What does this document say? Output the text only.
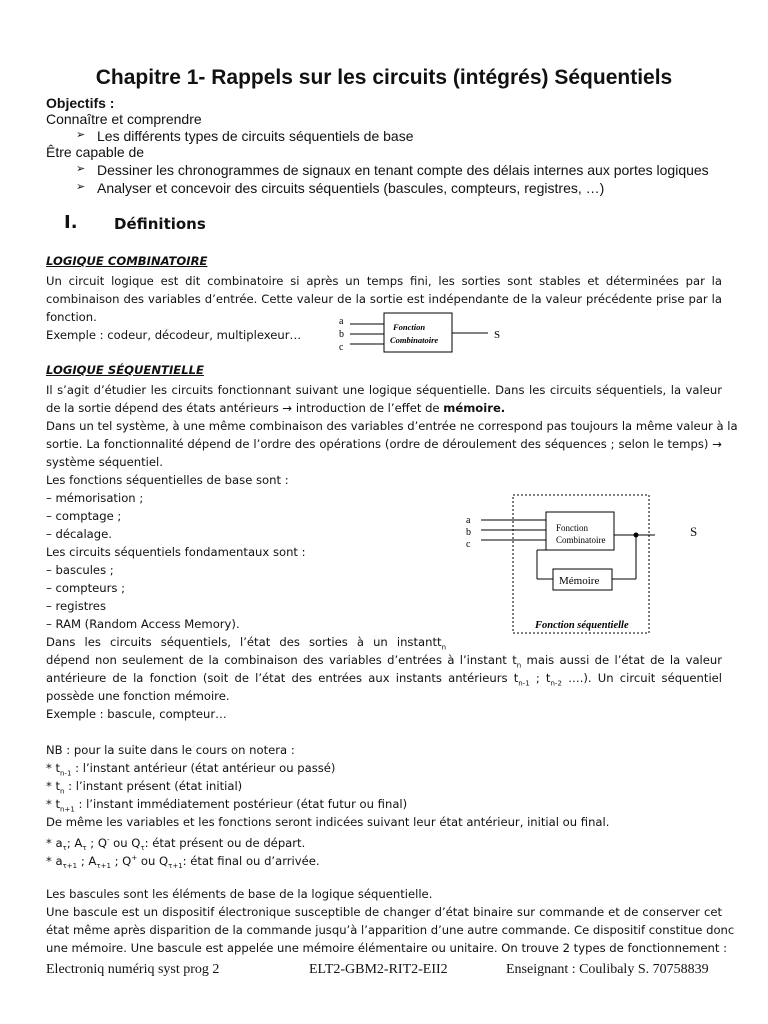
Chapitre 1- Rappels sur les circuits (intégrés) Séquentiels
Objectifs :
Connaître et comprendre
➢ Les différents types de circuits séquentiels de base
Être capable de
➢ Dessiner les chronogrammes de signaux en tenant compte des délais internes aux portes logiques
➢ Analyser et concevoir des circuits séquentiels (bascules, compteurs, registres, …)
I. Définitions
LOGIQUE COMBINATOIRE
Un circuit logique est dit combinatoire si après un temps fini, les sorties sont stables et déterminées par la
combinaison des variables d’entrée. Cette valeur de la sortie est indépendante de la valeur précédente prise par la
fonction.
Exemple : codeur, décodeur, multiplexeur…
a
b
c
Fonction
Combinatoire	S
LOGIQUE SÉQUENTIELLE
Il s’agit d’étudier les circuits fonctionnant suivant une logique séquentielle. Dans les circuits séquentiels, la valeur
de la sortie dépend des états antérieurs → introduction de l’effet de mémoire.
Dans un tel système, à une même combinaison des variables d’entrée ne correspond pas toujours la même valeur à la
sortie. La fonctionnalité dépend de l’ordre des opérations (ordre de déroulement des séquences ; selon le temps) →
système séquentiel.
Les fonctions séquentielles de base sont :
– mémorisation ;
– comptage ;
– décalage.
Les circuits séquentiels fondamentaux sont :
– bascules ;
– compteurs ;
– registres
– RAM (Random Access Memory).
Dans les circuits séquentiels, l’état des sorties à un instantt$_n$
dépend non seulement de la combinaison des variables d’entrées à l’instant $t_n$ mais aussi de l’état de la valeur
antérieure de la fonction (soit de l’état des entrées aux instants antérieurs $t_{n-1}$ ; $t_{n-2}$ ….). Un circuit séquentiel
possède une fonction mémoire.
Exemple : bascule, compteur…
a
b
c
Fonction
Combinatoire
Mémoire
Fonction séquentielle
S
NB : pour la suite dans le cours on notera :
* $t_{n-1}$ : l’instant antérieur (état antérieur ou passé)
* $t_n$ : l’instant présent (état initial)
* $t_{n+1}$ : l’instant immédiatement postérieur (état futur ou final)
De même les variables et les fonctions seront indicées suivant leur état antérieur, initial ou final.
* $a_\tau$; $A_\tau$ ; Q- ou $Q_\tau$: état présent ou de départ.
* $a_{\tau+1}$ ; $A_{\tau+1}$ ; Q+ ou $Q_{\tau+1}$: état final ou d’arrivée.
Les bascules sont les éléments de base de la logique séquentielle.
Une bascule est un dispositif électronique susceptible de changer d’état binaire sur commande et de conserver cet
état même après disparition de la commande jusqu’à l’apparition d’une autre commande. Ce dispositif constitue donc
une mémoire. Une bascule est appelée une mémoire élémentaire ou unitaire. On trouve 2 types de fonctionnement :
Electroniq numériq syst prog 2	ELT2-GBM2-RIT2-EII2	Enseignant : Coulibaly S. 70758839
